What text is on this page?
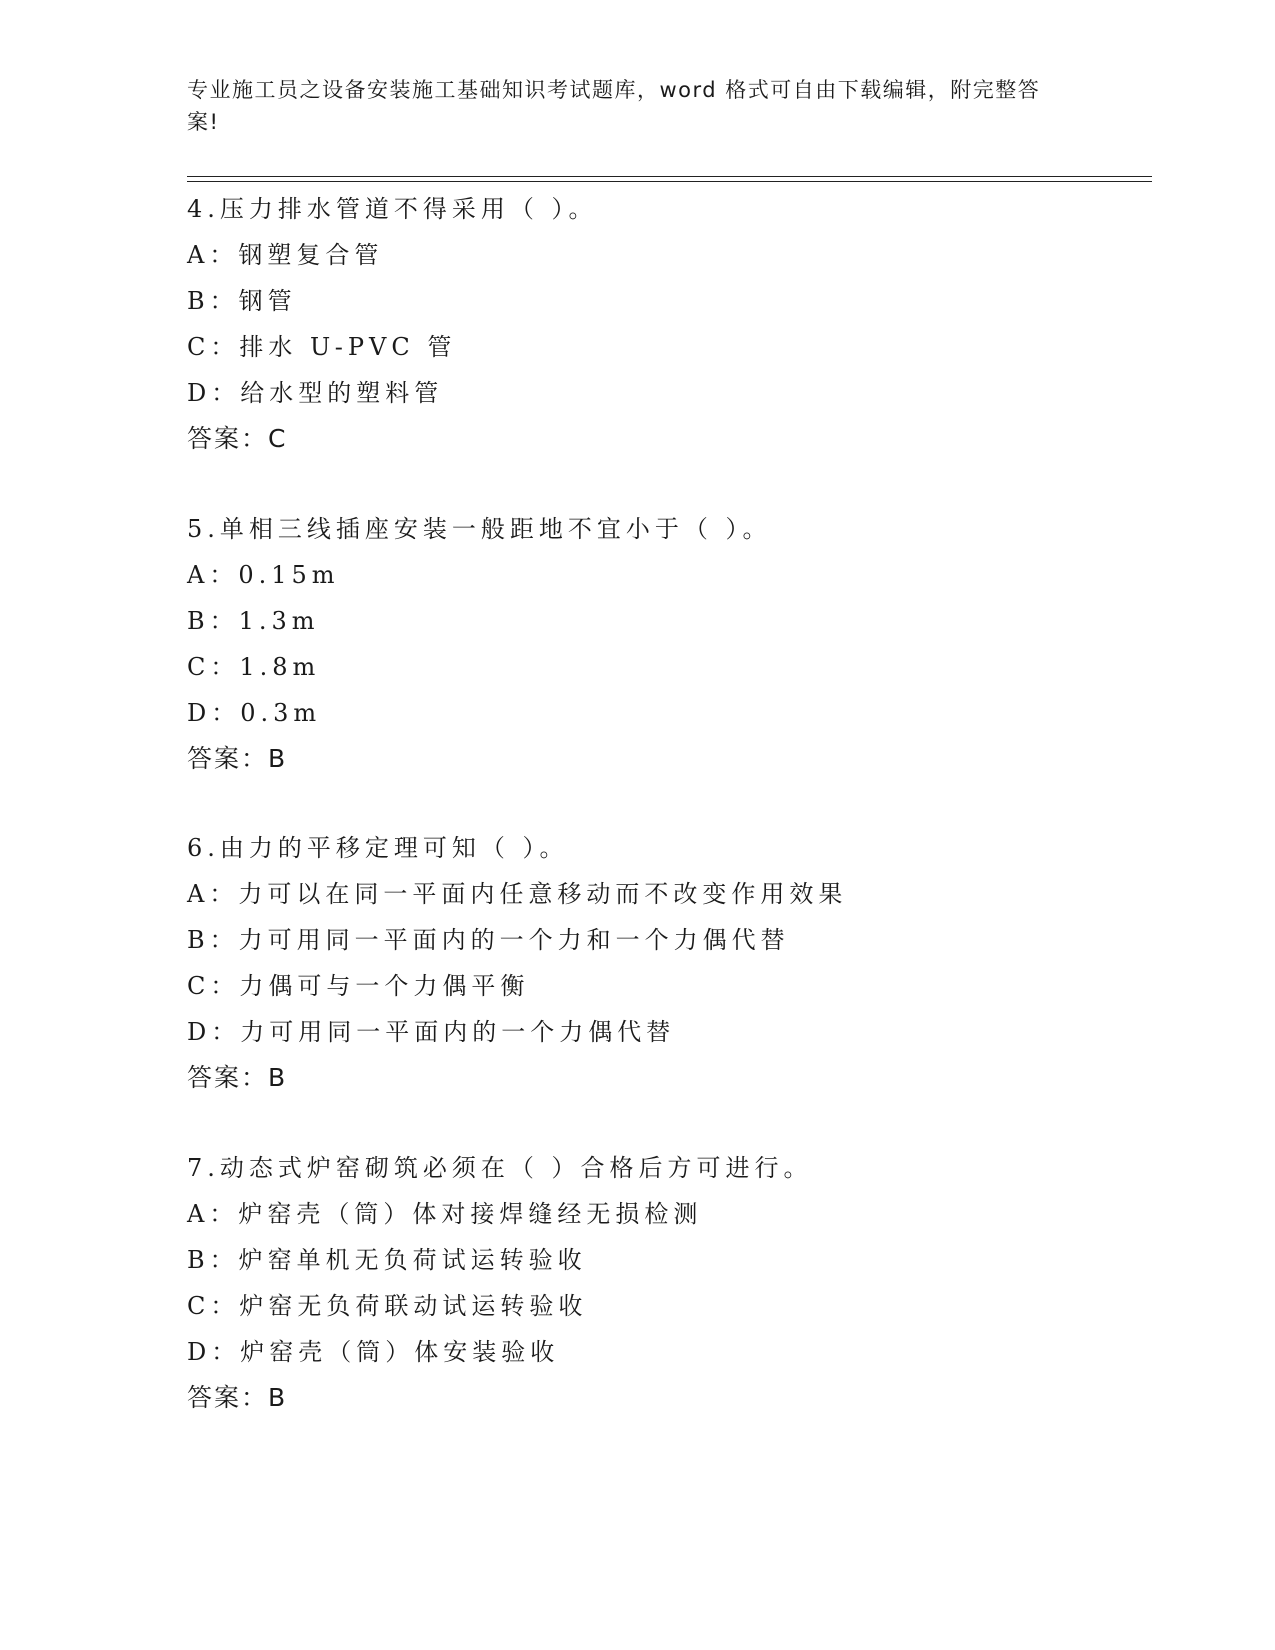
专业施工员之设备安装施工基础知识考试题库，word 格式可自由下载编辑，附完整答案!
4.压力排水管道不得采用（ ）。
A：钢塑复合管
B：钢管
C：排水 U-PVC 管
D：给水型的塑料管
答案：C
5.单相三线插座安装一般距地不宜小于（ ）。
A：0.15m
B：1.3m
C：1.8m
D：0.3m
答案：B
6.由力的平移定理可知（ ）。
A：力可以在同一平面内任意移动而不改变作用效果
B：力可用同一平面内的一个力和一个力偶代替
C：力偶可与一个力偶平衡
D：力可用同一平面内的一个力偶代替
答案：B
7.动态式炉窑砌筑必须在（ ）合格后方可进行。
A：炉窑壳（筒）体对接焊缝经无损检测
B：炉窑单机无负荷试运转验收
C：炉窑无负荷联动试运转验收
D：炉窑壳（筒）体安装验收
答案：B
